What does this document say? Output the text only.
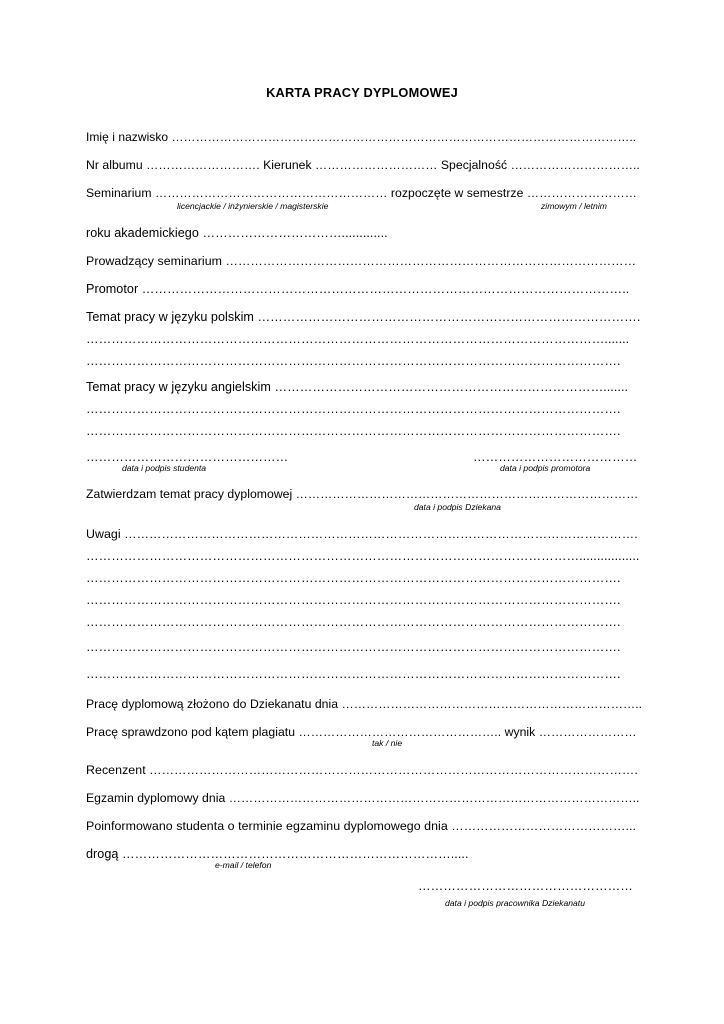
KARTA PRACY DYPLOMOWEJ
Imię i nazwisko ……………………………………………………………………………………………………..
Nr albumu ………………………. Kierunek ………………………… Specjalność …………………………..
Seminarium ………………………………………………… rozpoczęte w semestrze ………………………
licencjackie / inżynierskie / magisterskie	zimowym / letnim
roku akademickiego …………………………….............
Prowadzący seminarium ………………………………………………………………………………………
Promotor ……………………………………………………………………………………………………..
Temat pracy w języku polskim ……………………………………………………………………………….
…………………………………………………………………………………………………………….......
……………………………………………………………………………………………………………….
Temat pracy w języku angielskim …………………………………………………………………….......
……………………………………………………………………………………………………………….
……………………………………………………………………………………………………………….
…………………………………………	…………………………………
data i podpis studenta	data i podpis promotora
Zatwierdzam temat pracy dyplomowej …………………………………………………………………………
data i podpis Dziekana
Uwagi …………………………………………………………………………………………………………….
……………………………………………………………………………………………………….................
……………………………………………………………………………………………………………….
……………………………………………………………………………………………………………….
……………………………………………………………………………………………………………….
……………………………………………………………………………………………………………….
……………………………………………………………………………………………………………….
Pracę dyplomową złożono do Dziekanatu dnia ………………………………………………………………..
Pracę sprawdzono pod kątem plagiatu ………………………………………….. wynik ……………………
tak / nie
Recenzent ……………………………………………………………………………………………………….
Egzamin dyplomowy dnia ………………………………………………………………………………………..
Poinformowano studenta o terminie egzaminu dyplomowego dnia ……………………………………...
drogą …………………………………………………………………….....
e-mail / telefon
……………………………………………
data i podpis pracownika Dziekanatu
